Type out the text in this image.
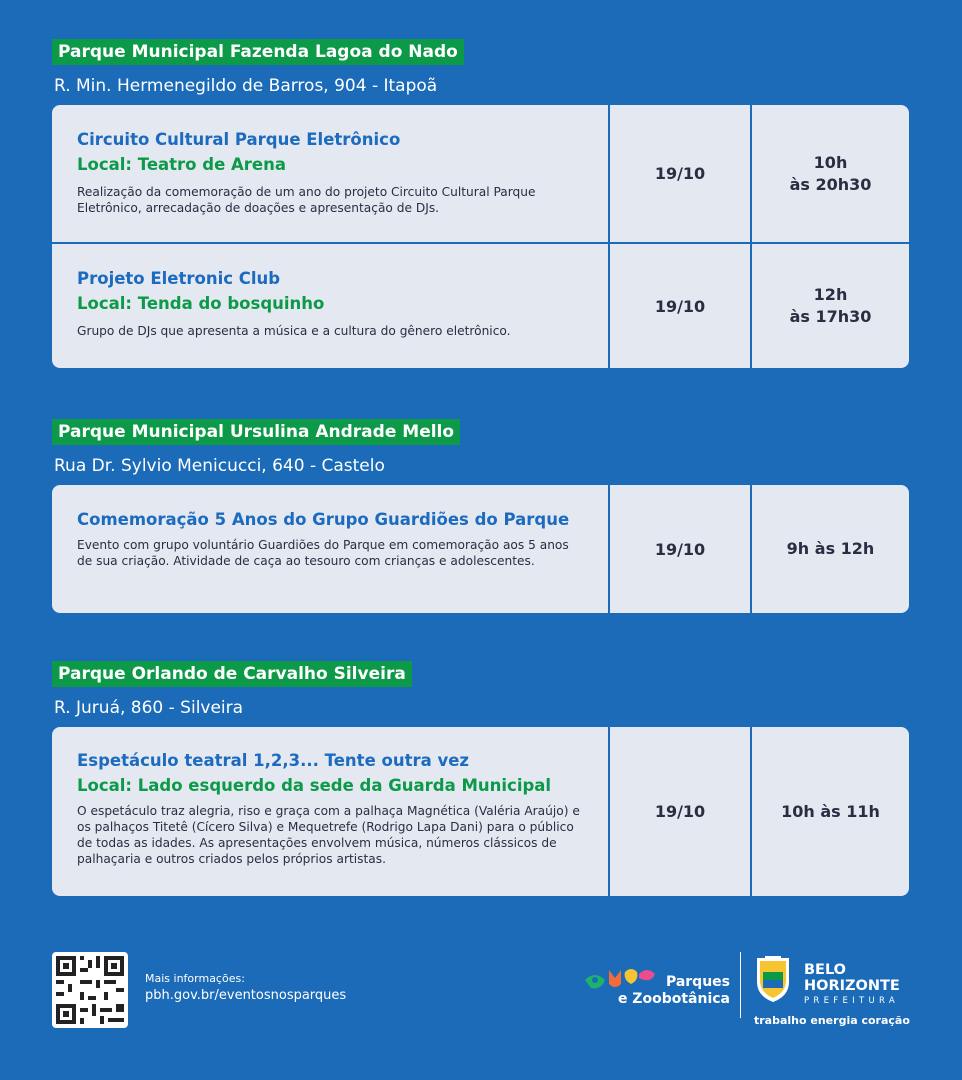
Parque Municipal Fazenda Lagoa do Nado
R. Min. Hermenegildo de Barros, 904 - Itapoã
Circuito Cultural Parque Eletrônico
Local: Teatro de Arena
Realização da comemoração de um ano do projeto Circuito Cultural Parque Eletrônico, arrecadação de doações e apresentação de DJs.
19/10
10h
às 20h30
Projeto Eletronic Club
Local: Tenda do bosquinho
Grupo de DJs que apresenta a música e a cultura do gênero eletrônico.
19/10
12h
às 17h30
Parque Municipal Ursulina Andrade Mello
Rua Dr. Sylvio Menicucci, 640 - Castelo
Comemoração 5 Anos do Grupo Guardiões do Parque
Evento com grupo voluntário Guardiões do Parque em comemoração aos 5 anos de sua criação. Atividade de caça ao tesouro com crianças e adolescentes.
19/10	9h às 12h
Parque Orlando de Carvalho Silveira
R. Juruá, 860 - Silveira
Espetáculo teatral 1,2,3... Tente outra vez
Local: Lado esquerdo da sede da Guarda Municipal
O espetáculo traz alegria, riso e graça com a palhaça Magnética (Valéria Araújo) e os palhaços Titetê (Cícero Silva) e Mequetrefe (Rodrigo Lapa Dani) para o público de todas as idades. As apresentações envolvem música, números clássicos de palhaçaria e outros criados pelos próprios artistas.
19/10	10h às 11h
Mais informações:
pbh.gov.br/eventosnosparques
Parques
e Zoobotânica
BELO
HORIZONTE
PREFEITURA
trabalho energia coração
